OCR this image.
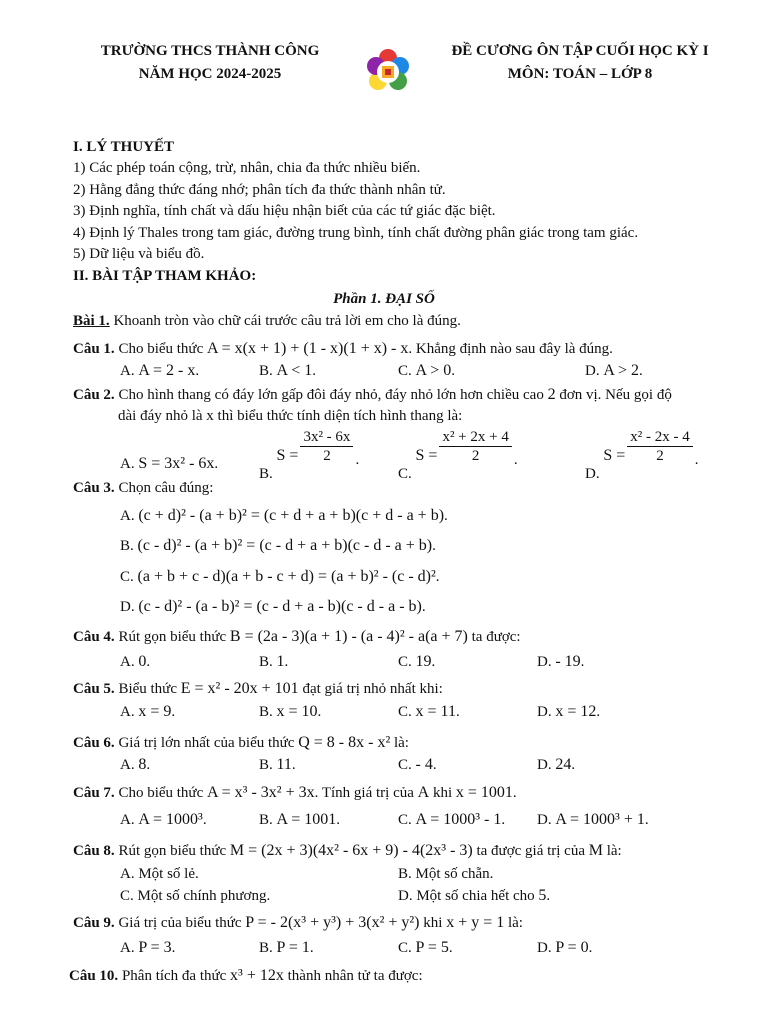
TRƯỜNG THCS THÀNH CÔNG
NĂM HỌC 2024-2025
ĐỀ CƯƠNG ÔN TẬP CUỐI HỌC KỲ I
MÔN: TOÁN – LỚP 8
I. LÝ THUYẾT
1) Các phép toán cộng, trừ, nhân, chia đa thức nhiều biến.
2) Hằng đẳng thức đáng nhớ; phân tích đa thức thành nhân tử.
3) Định nghĩa, tính chất và dấu hiệu nhận biết của các tứ giác đặc biệt.
4) Định lý Thales trong tam giác, đường trung bình, tính chất đường phân giác trong tam giác.
5) Dữ liệu và biểu đồ.
II. BÀI TẬP THAM KHẢO:
Phần 1. ĐẠI SỐ
Bài 1. Khoanh tròn vào chữ cái trước câu trả lời em cho là đúng.
Câu 1. Cho biểu thức A = x(x + 1) + (1 - x)(1 + x) - x. Khẳng định nào sau đây là đúng.
A. A = 2 - x.	B. A < 1.	C. A > 0.	D. A > 2.
Câu 2. Cho hình thang có đáy lớn gấp đôi đáy nhỏ, đáy nhỏ lớn hơn chiều cao 2 đơn vị. Nếu gọi độ
dài đáy nhỏ là x thì biểu thức tính diện tích hình thang là:
A. S = 3x² - 6x.
B. $S = \frac{\text{3x² - 6x}}{2}$ .
C. $S = \frac{\text{x² + 2x + 4}}{2}$ .
D. $S = \frac{\text{x² - 2x - 4}}{2}$ .
Câu 3. Chọn câu đúng:
A. (c + d)² - (a + b)² = (c + d + a + b)(c + d - a + b).
B. (c - d)² - (a + b)² = (c - d + a + b)(c - d - a + b).
C. (a + b + c - d)(a + b - c + d) = (a + b)² - (c - d)².
D. (c - d)² - (a - b)² = (c - d + a - b)(c - d - a - b).
Câu 4. Rút gọn biểu thức B = (2a - 3)(a + 1) - (a - 4)² - a(a + 7) ta được:
A. 0.	B. 1.	C. 19.	D. - 19.
Câu 5. Biểu thức E = x² - 20x + 101 đạt giá trị nhỏ nhất khi:
A. x = 9.	B. x = 10.	C. x = 11.	D. x = 12.
Câu 6. Giá trị lớn nhất của biểu thức Q = 8 - 8x - x² là:
A. 8.	B. 11.	C. - 4.	D. 24.
Câu 7. Cho biểu thức A = x³ - 3x² + 3x. Tính giá trị của A khi x = 1001.
A. A = 1000³.	B. A = 1001.	C. A = 1000³ - 1. D. A = 1000³ + 1.
Câu 8. Rút gọn biểu thức M = (2x + 3)(4x² - 6x + 9) - 4(2x³ - 3) ta được giá trị của M là:
A. Một số lẻ.	B. Một số chẵn.
C. Một số chính phương.	D. Một số chia hết cho 5.
Câu 9. Giá trị của biểu thức P = - 2(x³ + y³) + 3(x² + y²) khi x + y = 1 là:
A. P = 3.	B. P = 1.	C. P = 5.	D. P = 0.
Câu 10. Phân tích đa thức x³ + 12x thành nhân tử ta được:
